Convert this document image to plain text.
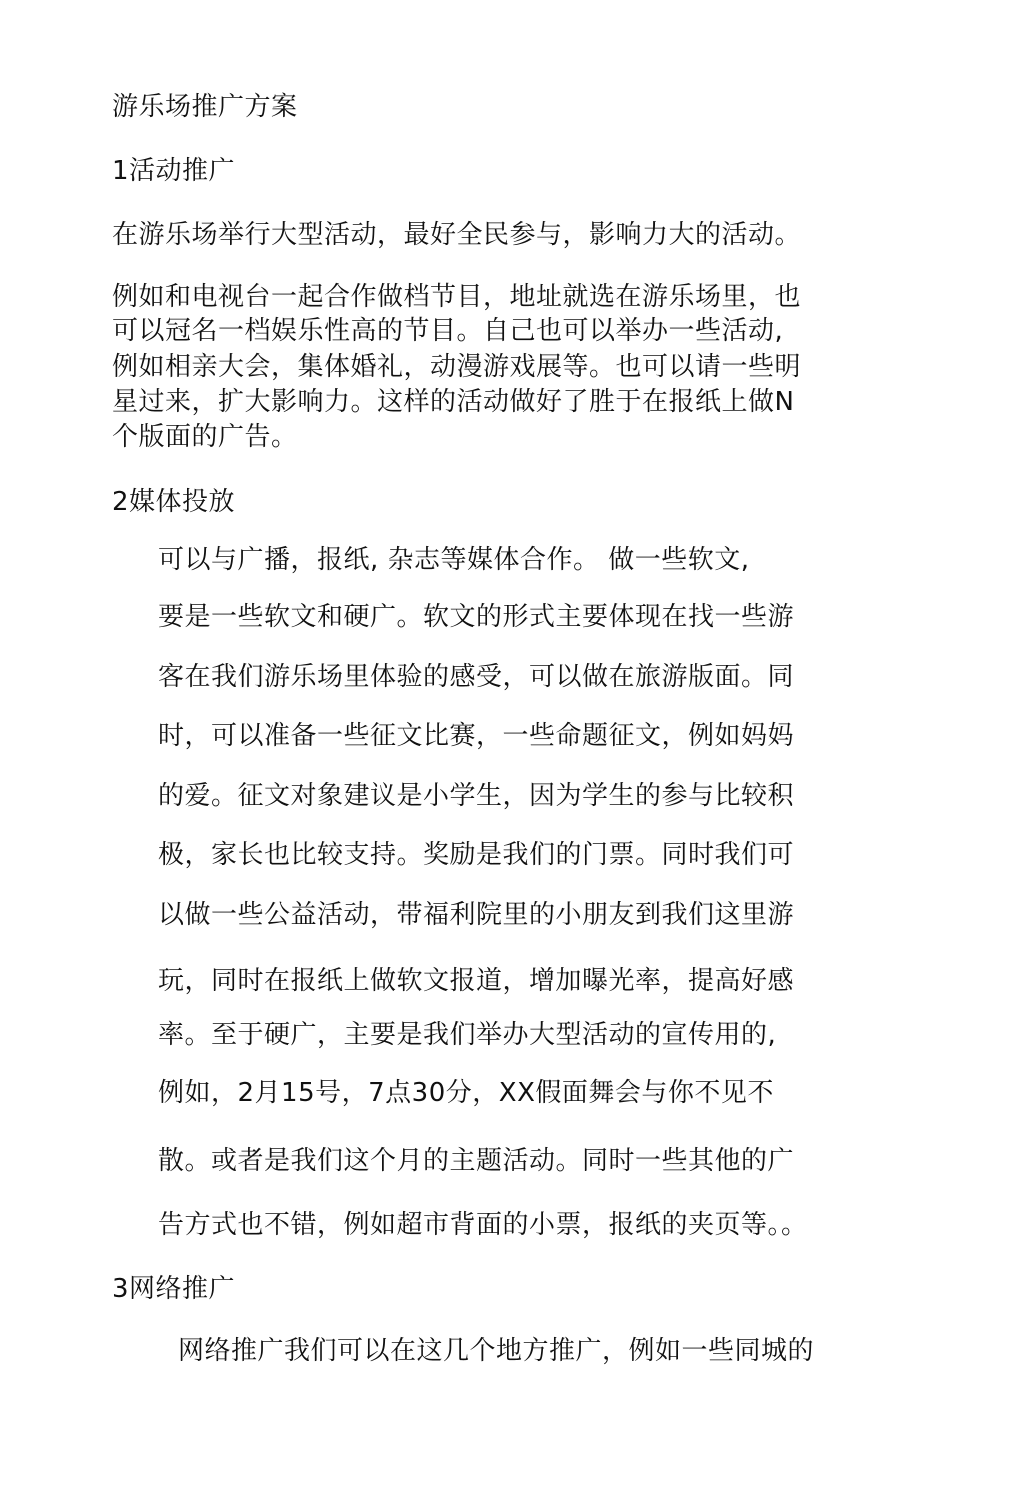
游乐场推广方案
1活动推广
在游乐场举行大型活动，最好全民参与，影响力大的活动。
例如和电视台一起合作做档节目，地址就选在游乐场里，也
可以冠名一档娱乐性高的节目。自己也可以举办一些活动,
例如相亲大会，集体婚礼，动漫游戏展等。也可以请一些明
星过来，扩大影响力。这样的活动做好了胜于在报纸上做N
个版面的广告。
2媒体投放
可以与广播，报纸, 杂志等媒体合作。 做一些软文,
要是一些软文和硬广。软文的形式主要体现在找一些游
客在我们游乐场里体验的感受，可以做在旅游版面。同
时，可以准备一些征文比赛，一些命题征文，例如妈妈
的爱。征文对象建议是小学生，因为学生的参与比较积
极，家长也比较支持。奖励是我们的门票。同时我们可
以做一些公益活动，带福利院里的小朋友到我们这里游
玩，同时在报纸上做软文报道，增加曝光率，提高好感
率。至于硬广，主要是我们举办大型活动的宣传用的,
例如，2月15号，7点30分，XX假面舞会与你不见不
散。或者是我们这个月的主题活动。同时一些其他的广
告方式也不错，例如超市背面的小票，报纸的夹页等。。
3网络推广
网络推广我们可以在这几个地方推广，例如一些同城的
